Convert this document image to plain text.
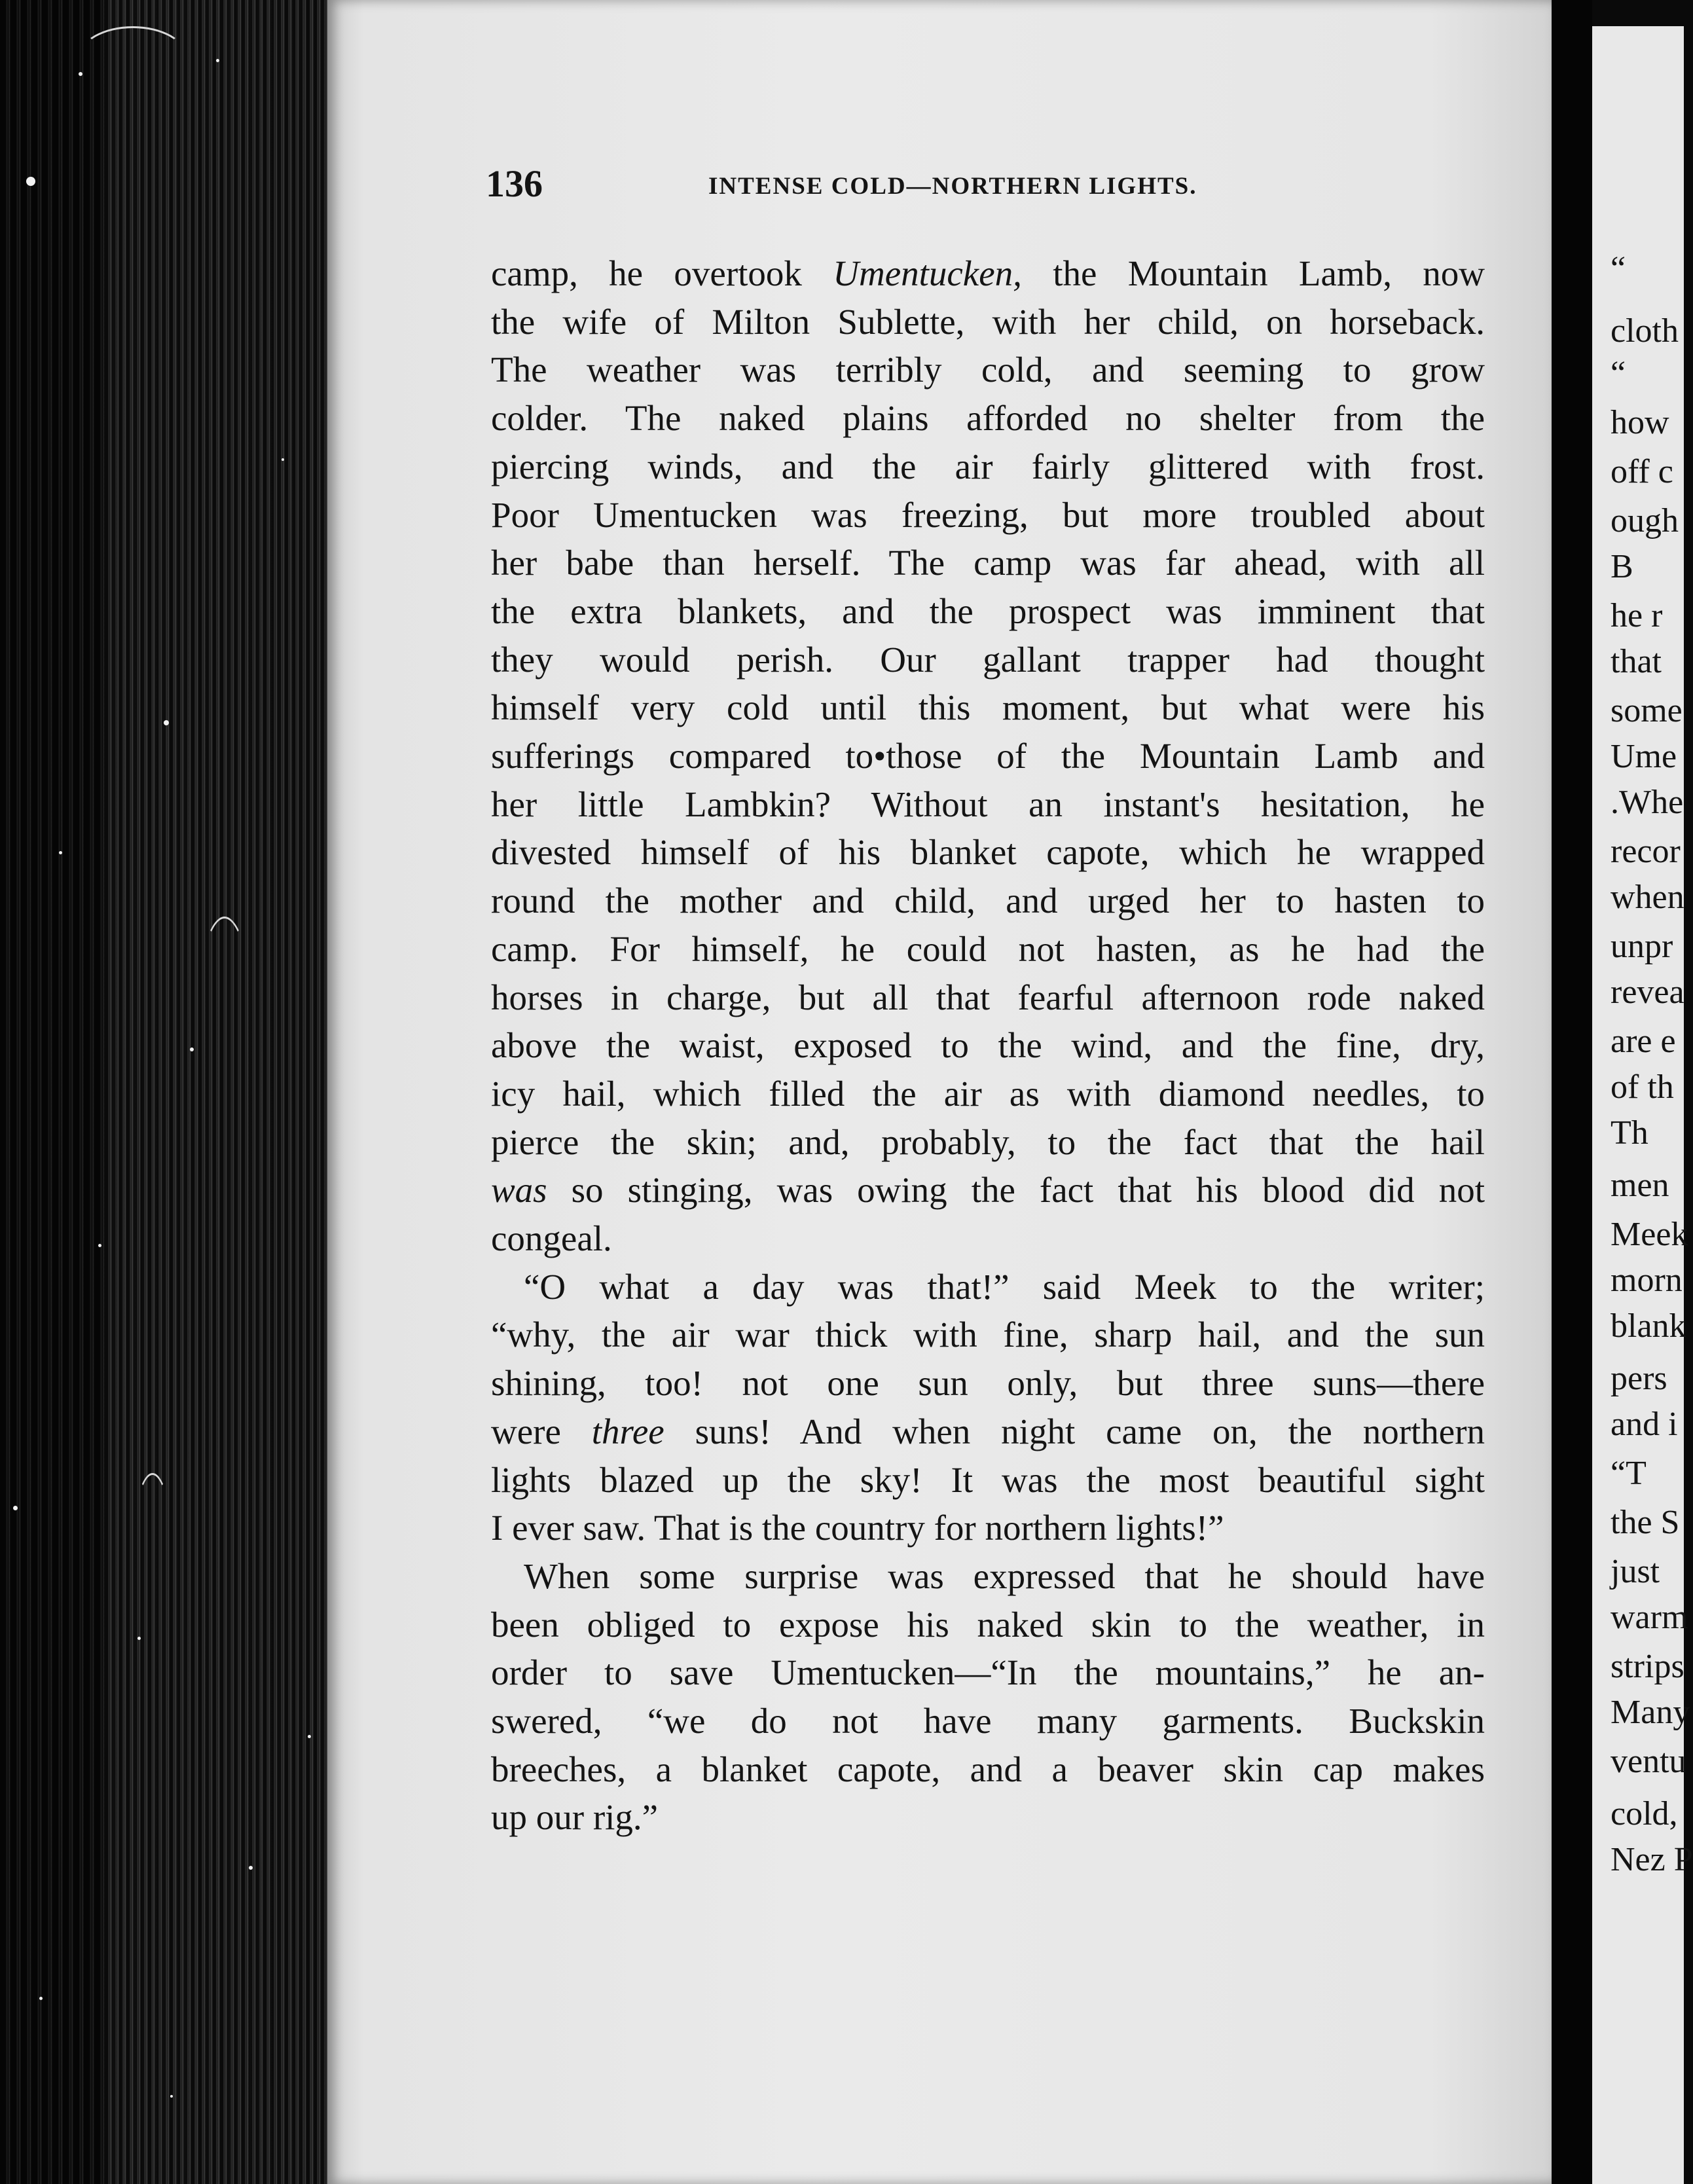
136	INTENSE COLD—NORTHERN LIGHTS.
camp, he overtook Umentucken, the Mountain Lamb, now
the wife of Milton Sublette, with her child, on horseback.
The weather was terribly cold, and seeming to grow
colder. The naked plains afforded no shelter from the
piercing winds, and the air fairly glittered with frost.
Poor Umentucken was freezing, but more troubled about
her babe than herself. The camp was far ahead, with all
the extra blankets, and the prospect was imminent that
they would perish. Our gallant trapper had thought
himself very cold until this moment, but what were his
sufferings compared to•those of the Mountain Lamb and
her little Lambkin? Without an instant's hesitation, he
divested himself of his blanket capote, which he wrapped
round the mother and child, and urged her to hasten to
camp. For himself, he could not hasten, as he had the
horses in charge, but all that fearful afternoon rode naked
above the waist, exposed to the wind, and the fine, dry,
icy hail, which filled the air as with diamond needles, to
pierce the skin; and, probably, to the fact that the hail
was so stinging, was owing the fact that his blood did not
congeal.
“O what a day was that!” said Meek to the writer;
“why, the air war thick with fine, sharp hail, and the sun
shining, too! not one sun only, but three suns—there
were three suns! And when night came on, the northern
lights blazed up the sky! It was the most beautiful sight
I ever saw. That is the country for northern lights!”
When some surprise was expressed that he should have
been obliged to expose his naked skin to the weather, in
order to save Umentucken—“In the mountains,” he an-
swered, “we do not have many garments. Buckskin
breeches, a blanket capote, and a beaver skin cap makes
up our rig.”
“
cloth
“
how
off c
ough
B
he r
that
some
Ume
.Whe
recor
when
unpr
revea
are e
of th
Th
men
Meek
morn
blank
pers
and i
“T
the S
just
warm
strips
Many
ventu
cold,
Nez P
